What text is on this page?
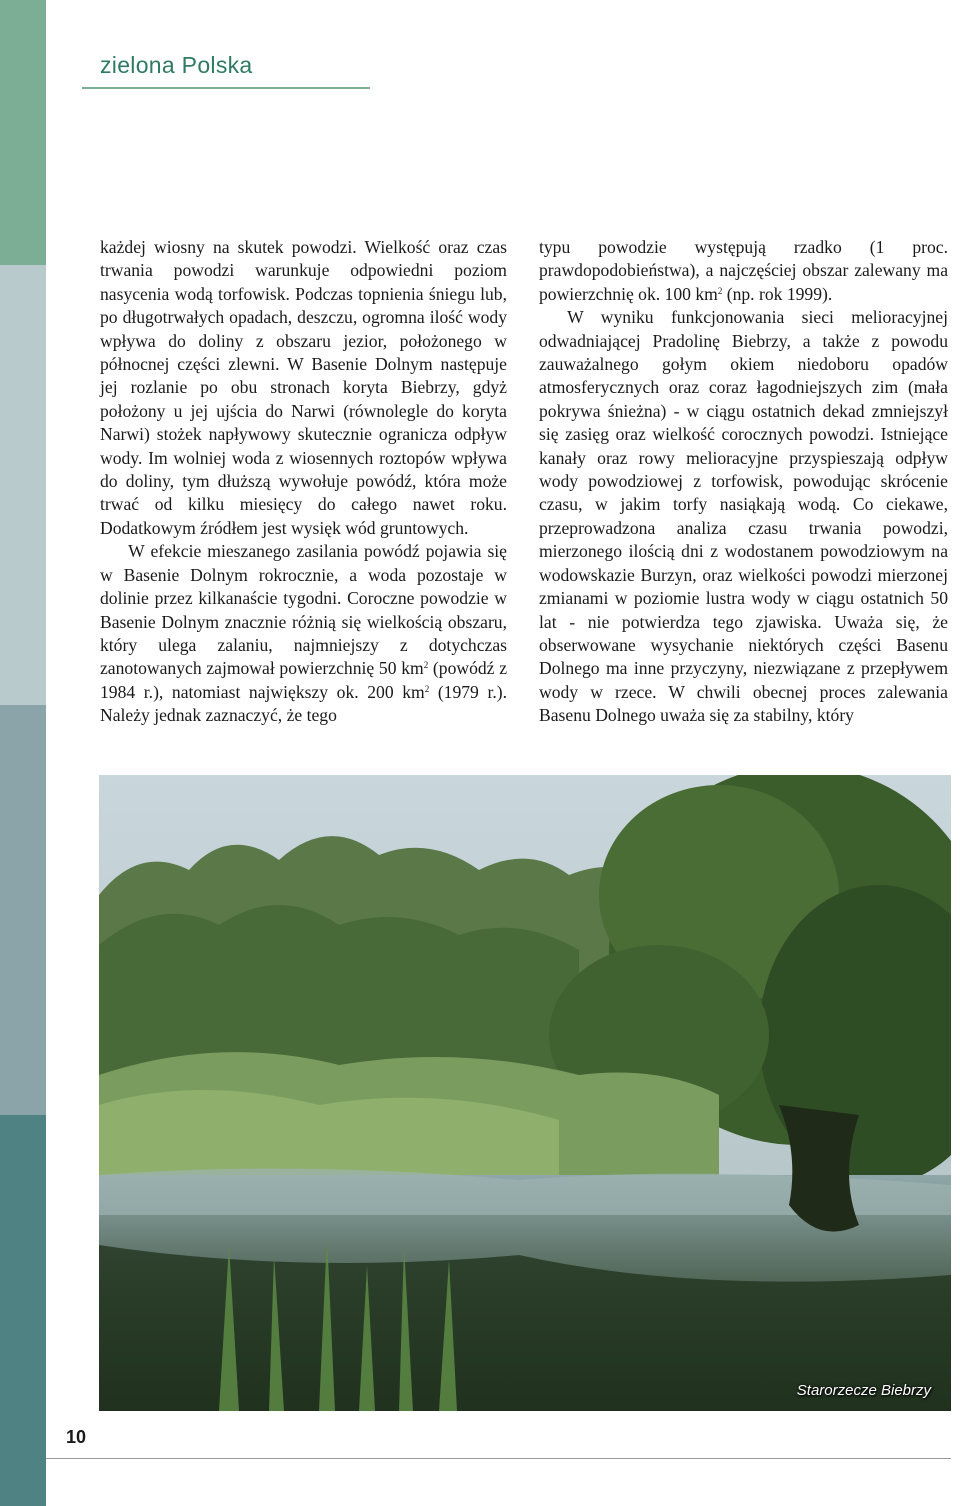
zielona Polska

każdej wiosny na skutek powodzi. Wielkość oraz czas trwania powodzi warunkuje odpowiedni poziom nasycenia wodą torfowisk. Podczas topnienia śniegu lub, po długotrwałych opadach, deszczu, ogromna ilość wody wpływa do doliny z obszaru jezior, położonego w północnej części zlewni. W Basenie Dolnym następuje jej rozlanie po obu stronach koryta Biebrzy, gdyż położony u jej ujścia do Narwi (równolegle do koryta Narwi) stożek napływowy skutecznie ogranicza odpływ wody. Im wolniej woda z wiosennych roztopów wpływa do doliny, tym dłuższą wywołuje powódź, która może trwać od kilku miesięcy do całego nawet roku. Dodatkowym źródłem jest wysięk wód gruntowych.

W efekcie mieszanego zasilania powódź pojawia się w Basenie Dolnym rokrocznie, a woda pozostaje w dolinie przez kilkanaście tygodni. Coroczne powodzie w Basenie Dolnym znacznie różnią się wielkością obszaru, który ulega zalaniu, najmniejszy z dotychczas zanotowanych zajmował powierzchnię 50 $km^2$ (powódź z 1984 r.), natomiast największy ok. 200 $km^2$ (1979 r.). Należy jednak zaznaczyć, że tego

typu powodzie występują rzadko (1 proc. prawdopodobieństwa), a najczęściej obszar zalewany ma powierzchnię ok. 100 $km^2$ (np. rok 1999).

W wyniku funkcjonowania sieci melioracyjnej odwadniającej Pradolinę Biebrzy, a także z powodu zauważalnego gołym okiem niedoboru opadów atmosferycznych oraz coraz łagodniejszych zim (mała pokrywa śnieżna) - w ciągu ostatnich dekad zmniejszył się zasięg oraz wielkość corocznych powodzi. Istniejące kanały oraz rowy melioracyjne przyspieszają odpływ wody powodziowej z torfowisk, powodując skrócenie czasu, w jakim torfy nasiąkają wodą. Co ciekawe, przeprowadzona analiza czasu trwania powodzi, mierzonego ilością dni z wodostanem powodziowym na wodowskazie Burzyn, oraz wielkości powodzi mierzonej zmianami w poziomie lustra wody w ciągu ostatnich 50 lat - nie potwierdza tego zjawiska. Uważa się, że obserwowane wysychanie niektórych części Basenu Dolnego ma inne przyczyny, niezwiązane z przepływem wody w rzece. W chwili obecnej proces zalewania Basenu Dolnego uważa się za stabilny, który

Starorzecze Biebrzy
10
